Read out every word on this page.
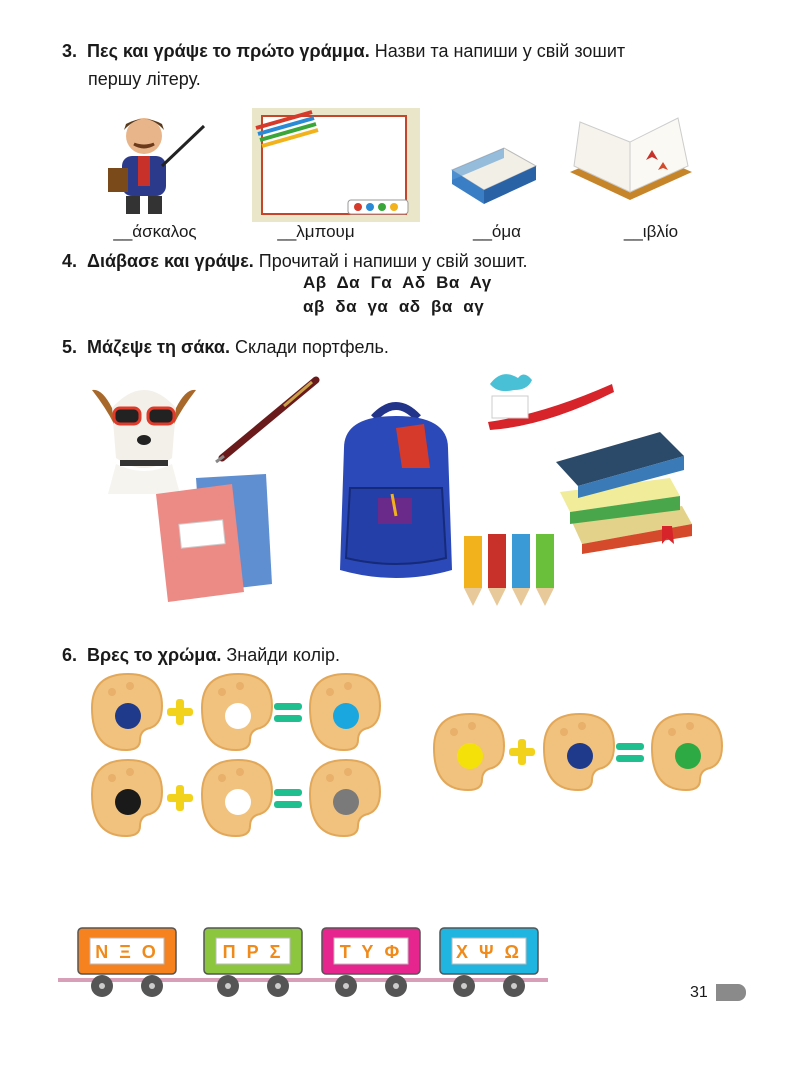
3. Πες και γράψε το πρώτο γράμμα. Назви та напиши у свій зошит
першу літеру.
__άσκαλος	__λμπουμ	__όμα	__ιβλίο
4. Διάβασε και γράψε. Прочитай і напиши у свій зошит.
Αβ  Δα  Γα  Αδ  Βα  Αγ
αβ  δα  γα  αδ  βα  αγ
5. Μάζεψε τη σάκα. Склади портфель.
6. Βρες το χρώμα. Знайди колір.
Ν Ξ Ο	Π Ρ Σ	Τ Υ Φ	Χ Ψ Ω
31
